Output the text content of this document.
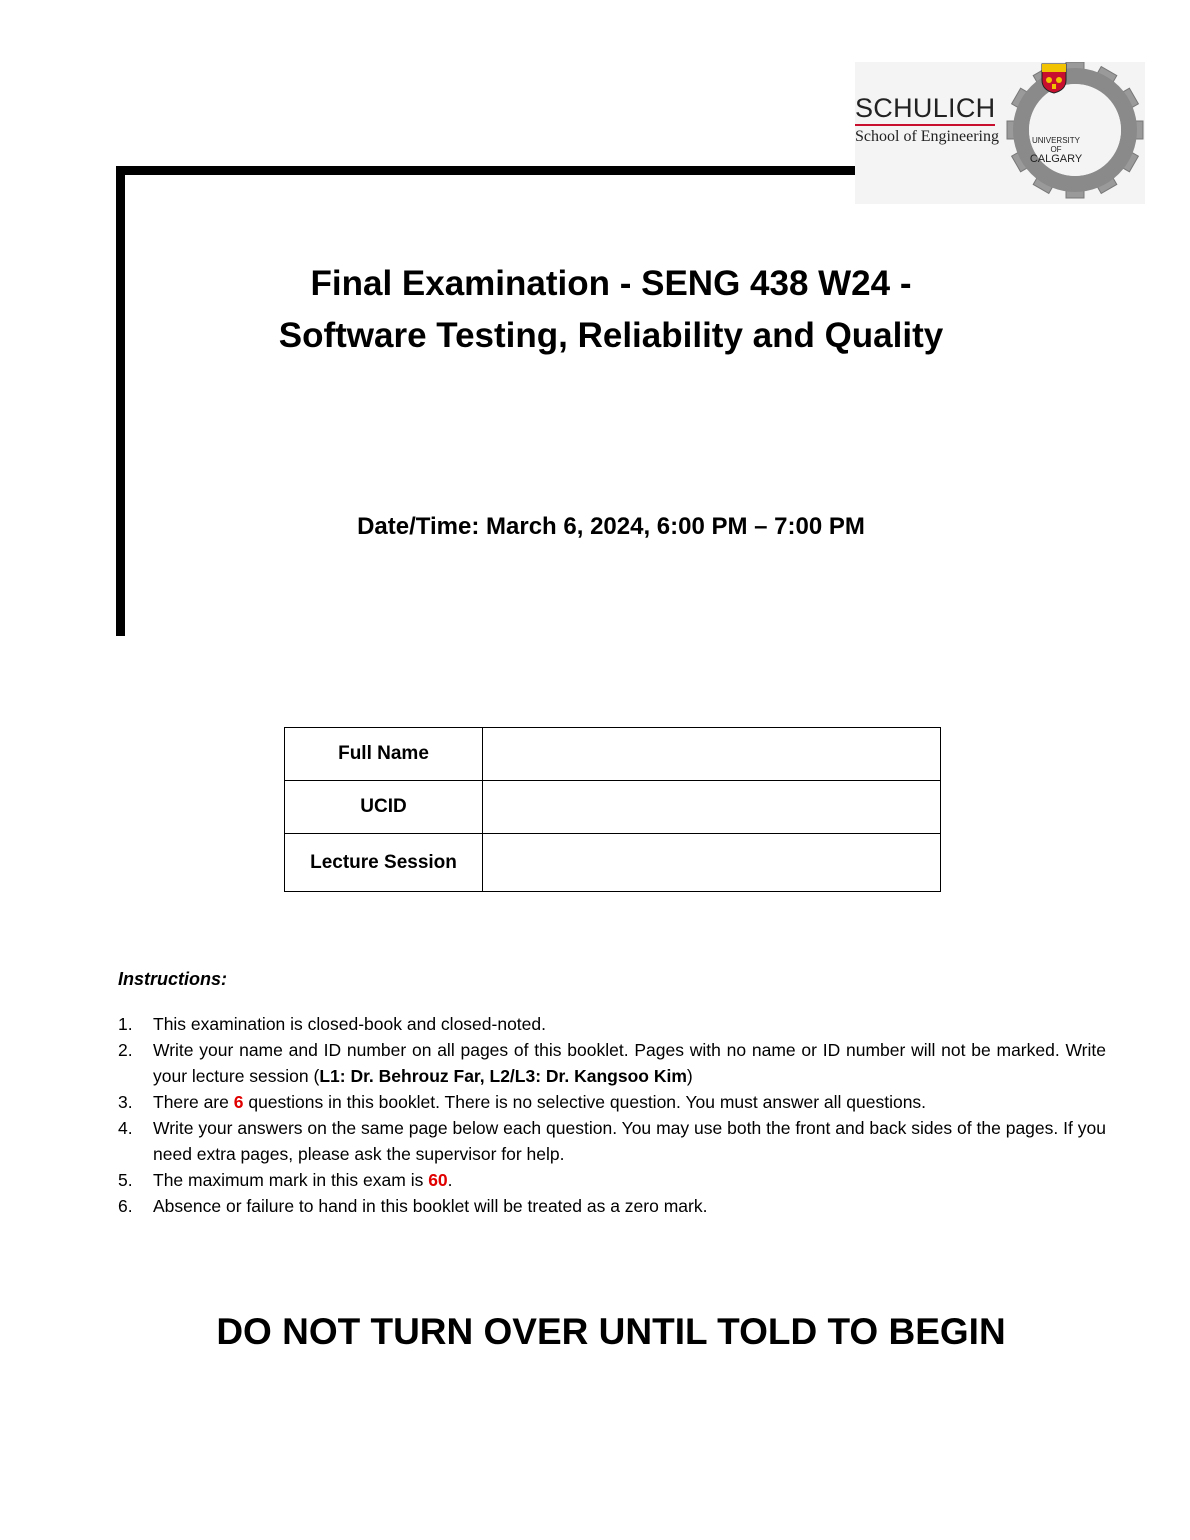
SCHULICH
School of Engineering	UNIVERSITY OF
CALGARY
Final Examination - SENG 438 W24 -
Software Testing, Reliability and Quality
Date/Time: March 6, 2024, 6:00 PM – 7:00 PM
Full Name	
UCID	
Lecture Session	
Instructions:
1. This examination is closed-book and closed-noted.
2. Write your name and ID number on all pages of this booklet. Pages with no name or ID number will not be marked. Write your lecture session (L1: Dr. Behrouz Far, L2/L3: Dr. Kangsoo Kim)
3. There are 6 questions in this booklet. There is no selective question. You must answer all questions.
4. Write your answers on the same page below each question. You may use both the front and back sides of the pages. If you need extra pages, please ask the supervisor for help.
5. The maximum mark in this exam is 60.
6. Absence or failure to hand in this booklet will be treated as a zero mark.
DO NOT TURN OVER UNTIL TOLD TO BEGIN
